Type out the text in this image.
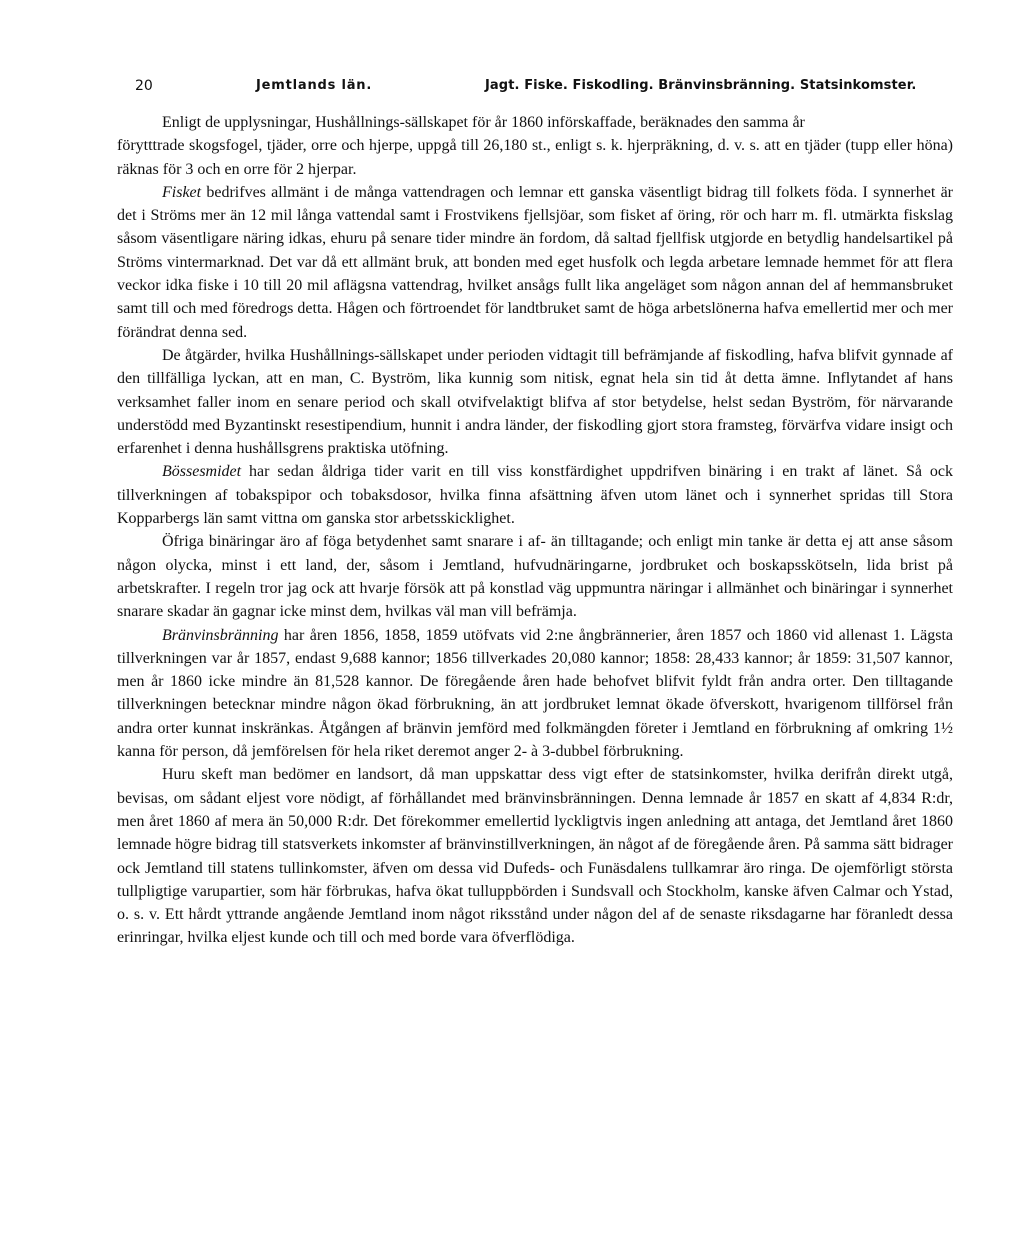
20	Jemtlands län.	Jagt. Fiske. Fiskodling. Bränvinsbränning. Statsinkomster.

Enligt de upplysningar, Hushållnings-sällskapet för år 1860 införskaffade, beräknades den samma år

förytttrade skogsfogel, tjäder, orre och hjerpe, uppgå till 26,180 st., enligt s. k. hjerpräkning, d. v. s. att en tjäder (tupp eller höna) räknas för 3 och en orre för 2 hjerpar.

Fisket bedrifves allmänt i de många vattendragen och lemnar ett ganska väsentligt bidrag till folkets föda. I synnerhet är det i Ströms mer än 12 mil långa vattendal samt i Frostvikens fjellsjöar, som fisket af öring, rör och harr m. fl. utmärkta fiskslag såsom väsentligare näring idkas, ehuru på senare tider mindre än fordom, då saltad fjellfisk utgjorde en betydlig handelsartikel på Ströms vintermarknad. Det var då ett allmänt bruk, att bonden med eget husfolk och legda arbetare lemnade hemmet för att flera veckor idka fiske i 10 till 20 mil aflägsna vattendrag, hvilket ansågs fullt lika angeläget som någon annan del af hemmansbruket samt till och med föredrogs detta. Hågen och förtroendet för landtbruket samt de höga arbetslönerna hafva emellertid mer och mer förändrat denna sed.

De åtgärder, hvilka Hushållnings-sällskapet under perioden vidtagit till befrämjande af fiskodling, hafva blifvit gynnade af den tillfälliga lyckan, att en man, C. Byström, lika kunnig som nitisk, egnat hela sin tid åt detta ämne. Inflytandet af hans verksamhet faller inom en senare period och skall otvifvelaktigt blifva af stor betydelse, helst sedan Byström, för närvarande understödd med Byzantinskt resestipendium, hunnit i andra länder, der fiskodling gjort stora framsteg, förvärfva vidare insigt och erfarenhet i denna hushållsgrens praktiska utöfning.

Bössesmidet har sedan åldriga tider varit en till viss konstfärdighet uppdrifven binäring i en trakt af länet. Så ock tillverkningen af tobakspipor och tobaksdosor, hvilka finna afsättning äfven utom länet och i synnerhet spridas till Stora Kopparbergs län samt vittna om ganska stor arbetsskicklighet.

Öfriga binäringar äro af föga betydenhet samt snarare i af- än tilltagande; och enligt min tanke är detta ej att anse såsom någon olycka, minst i ett land, der, såsom i Jemtland, hufvudnäringarne, jordbruket och boskapsskötseln, lida brist på arbetskrafter. I regeln tror jag ock att hvarje försök att på konstlad väg uppmuntra näringar i allmänhet och binäringar i synnerhet snarare skadar än gagnar icke minst dem, hvilkas väl man vill befrämja.

Bränvinsbränning har åren 1856, 1858, 1859 utöfvats vid 2:ne ångbrännerier, åren 1857 och 1860 vid allenast 1. Lägsta tillverkningen var år 1857, endast 9,688 kannor; 1856 tillverkades 20,080 kannor; 1858: 28,433 kannor; år 1859: 31,507 kannor, men år 1860 icke mindre än 81,528 kannor. De föregående åren hade behofvet blifvit fyldt från andra orter. Den tilltagande tillverkningen betecknar mindre någon ökad förbrukning, än att jordbruket lemnat ökade öfverskott, hvarigenom tillförsel från andra orter kunnat inskränkas. Åtgången af bränvin jemförd med folkmängden företer i Jemtland en förbrukning af omkring 1½ kanna för person, då jemförelsen för hela riket deremot anger 2- à 3-dubbel förbrukning.

Huru skeft man bedömer en landsort, då man uppskattar dess vigt efter de statsinkomster, hvilka derifrån direkt utgå, bevisas, om sådant eljest vore nödigt, af förhållandet med bränvinsbränningen. Denna lemnade år 1857 en skatt af 4,834 R:dr, men året 1860 af mera än 50,000 R:dr. Det förekommer emellertid lyckligtvis ingen anledning att antaga, det Jemtland året 1860 lemnade högre bidrag till statsverkets inkomster af bränvinstillverkningen, än något af de föregående åren. På samma sätt bidrager ock Jemtland till statens tullinkomster, äfven om dessa vid Dufeds- och Funäsdalens tullkamrar äro ringa. De ojemförligt största tullpligtige varupartier, som här förbrukas, hafva ökat tulluppbörden i Sundsvall och Stockholm, kanske äfven Calmar och Ystad, o. s. v. Ett hårdt yttrande angående Jemtland inom något riksstånd under någon del af de senaste riksdagarne har föranledt dessa erinringar, hvilka eljest kunde och till och med borde vara öfverflödiga.
